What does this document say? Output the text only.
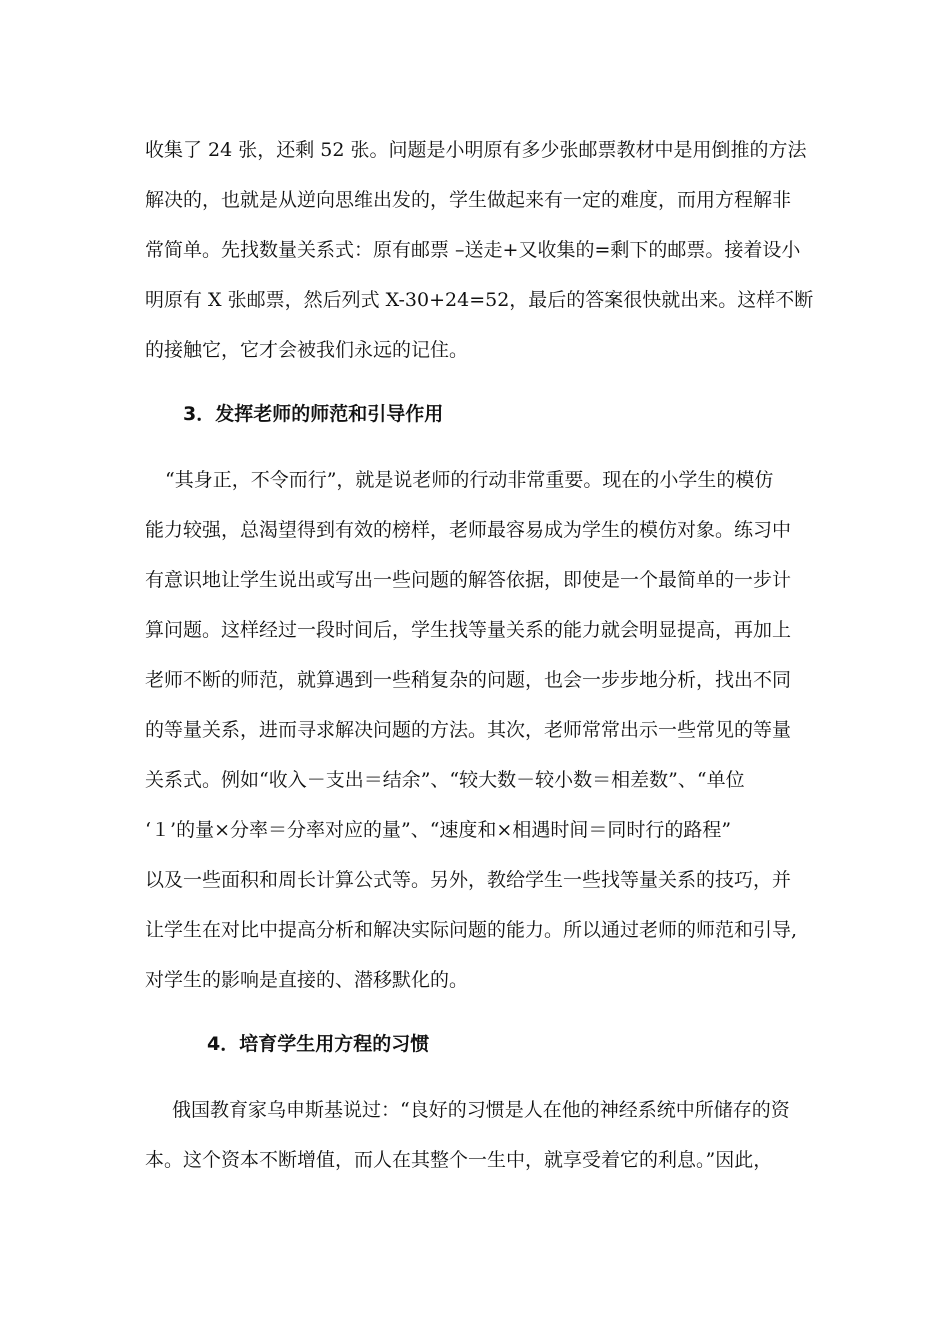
收集了 24 张，还剩 52 张。问题是小明原有多少张邮票教材中是用倒推的方法
解决的，也就是从逆向思维出发的，学生做起来有一定的难度，而用方程解非
常简单。先找数量关系式：原有邮票 –送走+又收集的=剩下的邮票。接着设小
明原有 X 张邮票，然后列式 X-30+24=52，最后的答案很快就出来。这样不断
的接触它，它才会被我们永远的记住。
3．发挥老师的师范和引导作用
“其身正，不令而行”，就是说老师的行动非常重要。现在的小学生的模仿
能力较强，总渴望得到有效的榜样，老师最容易成为学生的模仿对象。练习中
有意识地让学生说出或写出一些问题的解答依据，即使是一个最简单的一步计
算问题。这样经过一段时间后，学生找等量关系的能力就会明显提高，再加上
老师不断的师范，就算遇到一些稍复杂的问题，也会一步步地分析，找出不同
的等量关系，进而寻求解决问题的方法。其次，老师常常出示一些常见的等量
关系式。例如“收入－支出＝结余”、“较大数－较小数＝相差数”、“单位
‘１’的量×分率＝分率对应的量”、“速度和×相遇时间＝同时行的路程”
以及一些面积和周长计算公式等。另外，教给学生一些找等量关系的技巧，并
让学生在对比中提高分析和解决实际问题的能力。所以通过老师的师范和引导,
对学生的影响是直接的、潜移默化的。
4．培育学生用方程的习惯
俄国教育家乌申斯基说过：“良好的习惯是人在他的神经系统中所储存的资
本。这个资本不断增值，而人在其整个一生中，就享受着它的利息。”因此，
